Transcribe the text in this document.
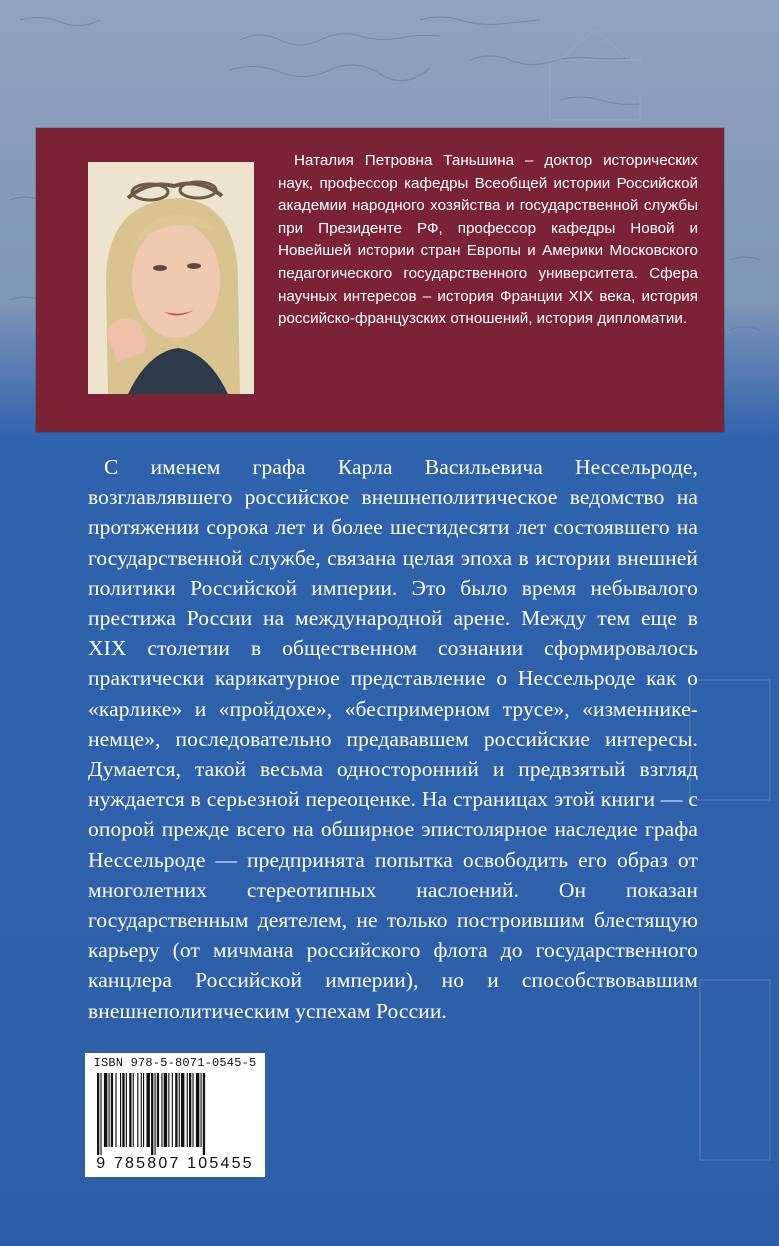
Наталия Петровна Таньшина – доктор исторических наук, профессор кафедры Всеобщей истории Российской академии народного хозяйства и государственной службы при Президенте РФ, профессор кафедры Новой и Новейшей истории стран Европы и Америки Московского педагогического государственного университета. Сфера научных интересов – история Франции XIX века, история российско-французских отношений, история дипломатии.
С именем графа Карла Васильевича Нессельроде, возглавлявшего российское внешнеполитическое ведомство на протяжении сорока лет и более шестидесяти лет состоявшего на государственной службе, связана целая эпоха в истории внешней политики Российской империи. Это было время небывалого престижа России на международной арене. Между тем еще в XIX столетии в общественном сознании сформировалось практически карикатурное представление о Нессельроде как о «карлике» и «пройдохе», «беспримерном трусе», «изменнике-немце», последовательно предававшем российские интересы. Думается, такой весьма односторонний и предвзятый взгляд нуждается в серьезной переоценке. На страницах этой книги — с опорой прежде всего на обширное эпистолярное наследие графа Нессельроде — предпринята попытка освободить его образ от многолетних стереотипных наслоений. Он показан государственным деятелем, не только построившим блестящую карьеру (от мичмана российского флота до государственного канцлера Российской империи), но и способствовавшим внешнеполитическим успехам России.
ISBN 978-5-8071-0545-5
9 785807 105455
